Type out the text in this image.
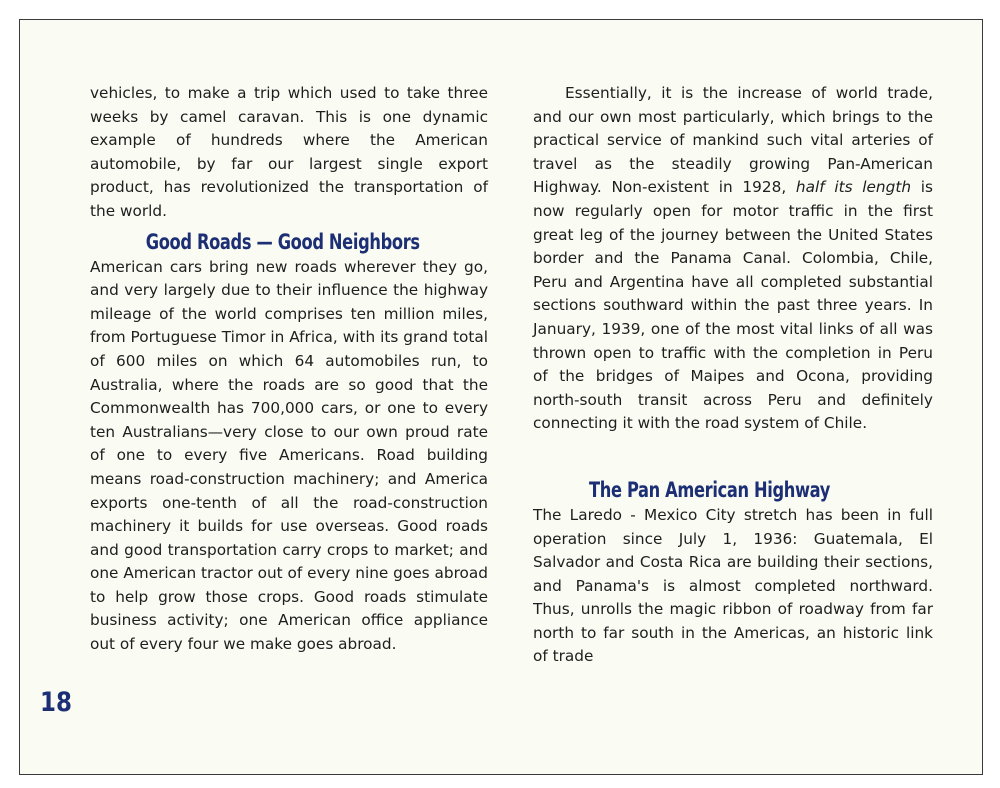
vehicles, to make a trip which used to take three weeks by camel caravan. This is one dynamic example of hundreds where the American automobile, by far our largest single export product, has revolutionized the transportation of the world.

Good Roads — Good Neighbors

American cars bring new roads wherever they go, and very largely due to their influence the highway mileage of the world comprises ten million miles, from Portuguese Timor in Africa, with its grand total of 600 miles on which 64 automobiles run, to Australia, where the roads are so good that the Commonwealth has 700,000 cars, or one to every ten Australians—very close to our own proud rate of one to every five Americans. Road building means road-construction machinery; and America exports one-tenth of all the road-construction machinery it builds for use overseas. Good roads and good transportation carry crops to market; and one American tractor out of every nine goes abroad to help grow those crops. Good roads stimulate business activity; one American office appliance out of every four we make goes abroad.

Essentially, it is the increase of world trade, and our own most particularly, which brings to the practical service of mankind such vital arteries of travel as the steadily growing Pan-American Highway. Non-existent in 1928, half its length is now regularly open for motor traffic in the first great leg of the journey between the United States border and the Panama Canal. Colombia, Chile, Peru and Argentina have all completed substantial sections southward within the past three years. In January, 1939, one of the most vital links of all was thrown open to traffic with the completion in Peru of the bridges of Maipes and Ocona, providing north-south transit across Peru and definitely connecting it with the road system of Chile.

The Pan American Highway

The Laredo - Mexico City stretch has been in full operation since July 1, 1936: Guatemala, El Salvador and Costa Rica are building their sections, and Panama's is almost completed northward. Thus, unrolls the magic ribbon of roadway from far north to far south in the Americas, an historic link of trade

18
